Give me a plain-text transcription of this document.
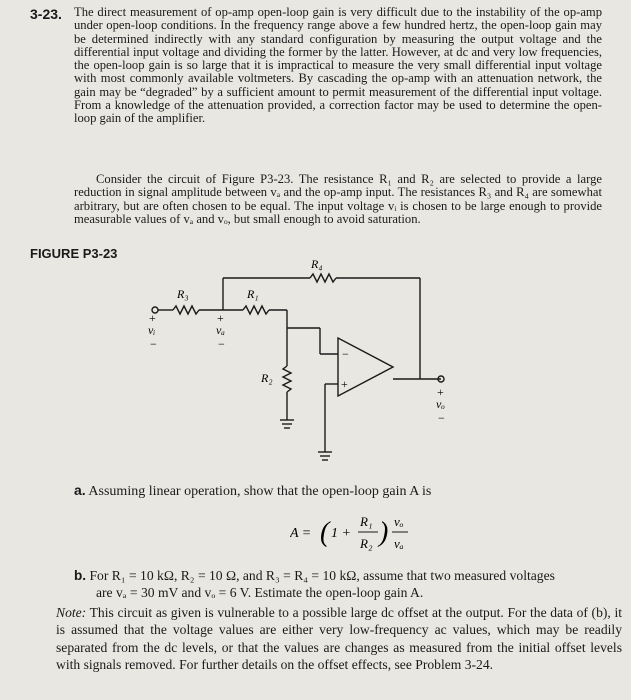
3-23. The direct measurement of op-amp open-loop gain is very difficult due to the instability of the op-amp under open-loop conditions. In the frequency range above a few hundred hertz, the open-loop gain may be determined indirectly with any standard configuration by measuring the output voltage and the differential input voltage and dividing the former by the latter. However, at dc and very low frequencies, the open-loop gain is so large that it is impractical to measure the very small differential input voltage with most commonly available voltmeters. By cascading the op-amp with an attenuation network, the gain may be “degraded” by a sufficient amount to permit measurement of the differential input voltage. From a knowledge of the attenuation provided, a correction factor may be used to determine the open-loop gain of the amplifier.
Consider the circuit of Figure P3-23. The resistance R₁ and R₂ are selected to provide a large reduction in signal amplitude between vₐ and the op-amp input. The resistances R₃ and R₄ are somewhat arbitrary, but are often chosen to be equal. The input voltage vᵢ is chosen to be large enough to provide measurable values of vₐ and vₒ, but small enough to avoid saturation.
FIGURE P3-23
R₄
R₃	R₁
R₂
+
vᵢ
−
+
vₐ
−
−
+
+
vₒ
−
a. Assuming linear operation, show that the open-loop gain A is
A = ( 1 +
R₁
R₂ ) vₒ
vₐ
b. For R₁ = 10 kΩ, R₂ = 10 Ω, and R₃ = R₄ = 10 kΩ, assume that two measured voltages
are vₐ = 30 mV and vₒ = 6 V. Estimate the open-loop gain A.
Note: This circuit as given is vulnerable to a possible large dc offset at the output. For the data of (b), it is assumed that the voltage values are either very low-frequency ac values, which may be readily separated from the dc levels, or that the values are changes as measured from the initial offset levels with signals removed. For further details on the offset effects, see Problem 3-24.
